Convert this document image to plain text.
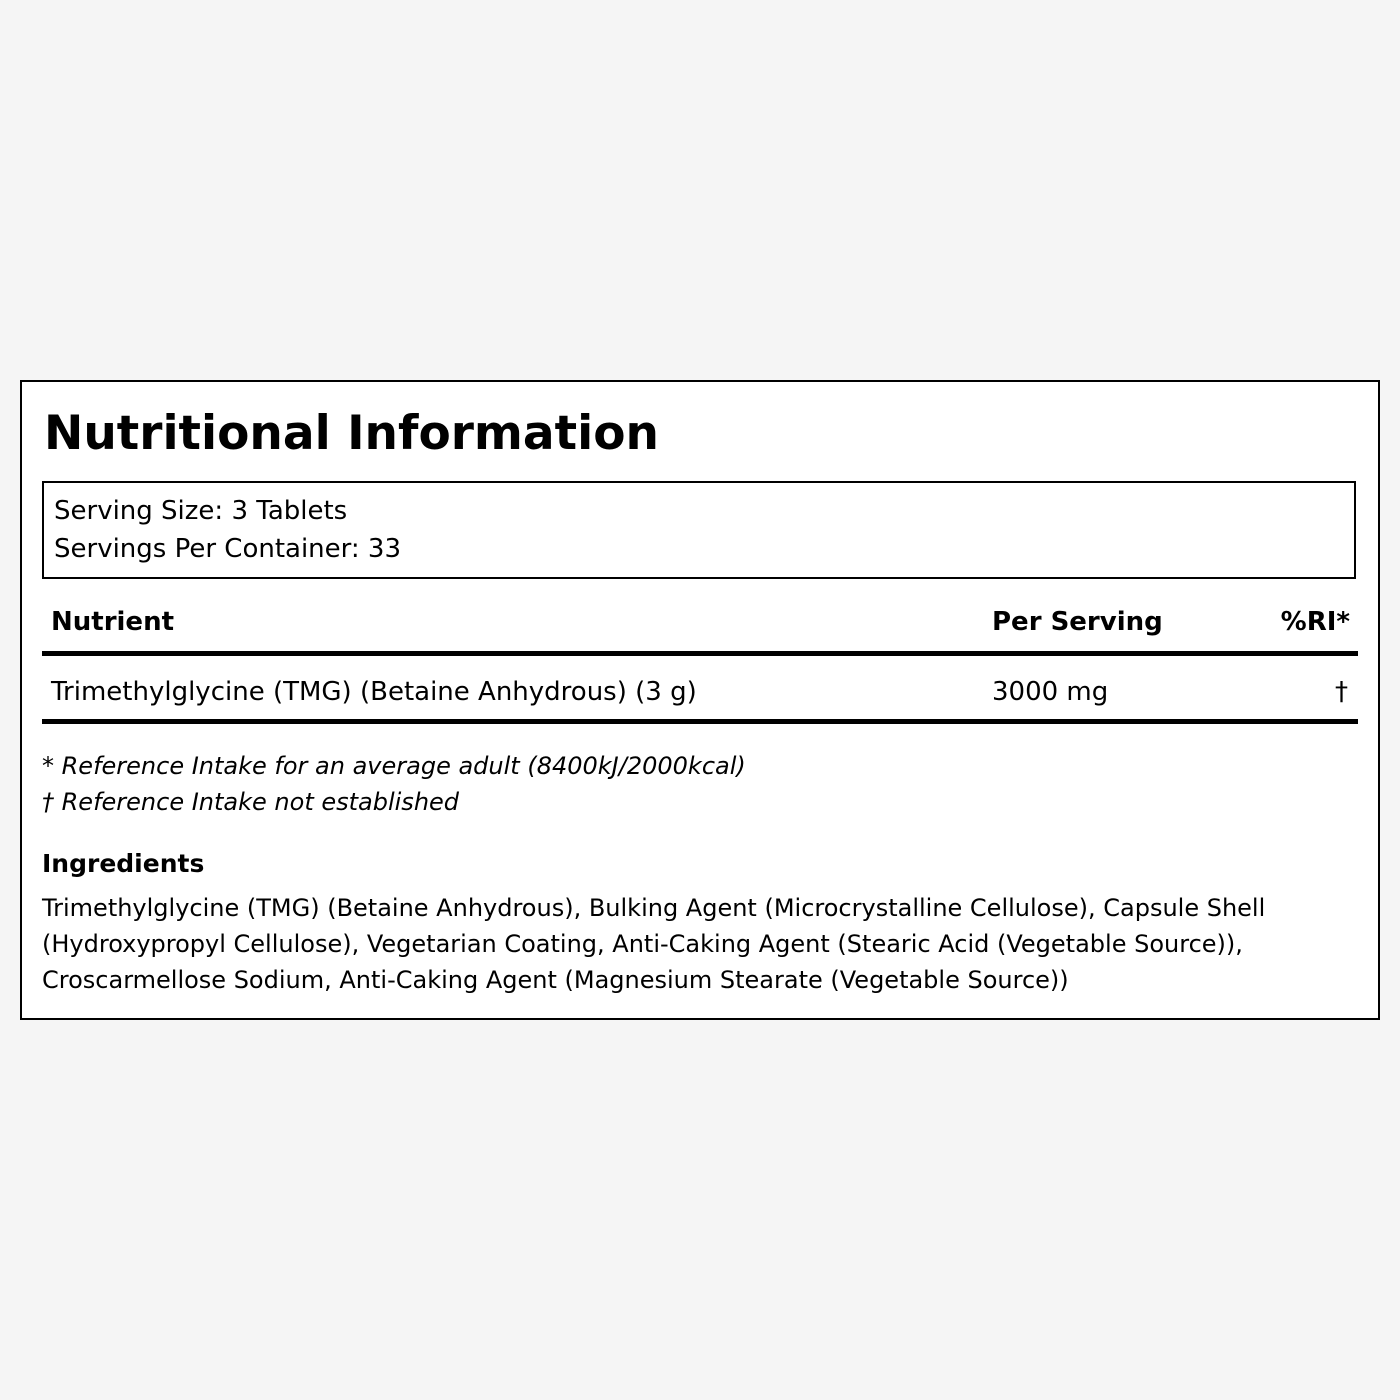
Nutritional Information
Serving Size: 3 Tablets
Servings Per Container: 33
Nutrient	Per Serving	%RI*
Trimethylglycine (TMG) (Betaine Anhydrous) (3 g)	3000 mg	†
* Reference Intake for an average adult (8400kJ/2000kcal)
† Reference Intake not established
Ingredients
Trimethylglycine (TMG) (Betaine Anhydrous), Bulking Agent (Microcrystalline Cellulose), Capsule Shell
(Hydroxypropyl Cellulose), Vegetarian Coating, Anti-Caking Agent (Stearic Acid (Vegetable Source)),
Croscarmellose Sodium, Anti-Caking Agent (Magnesium Stearate (Vegetable Source))
